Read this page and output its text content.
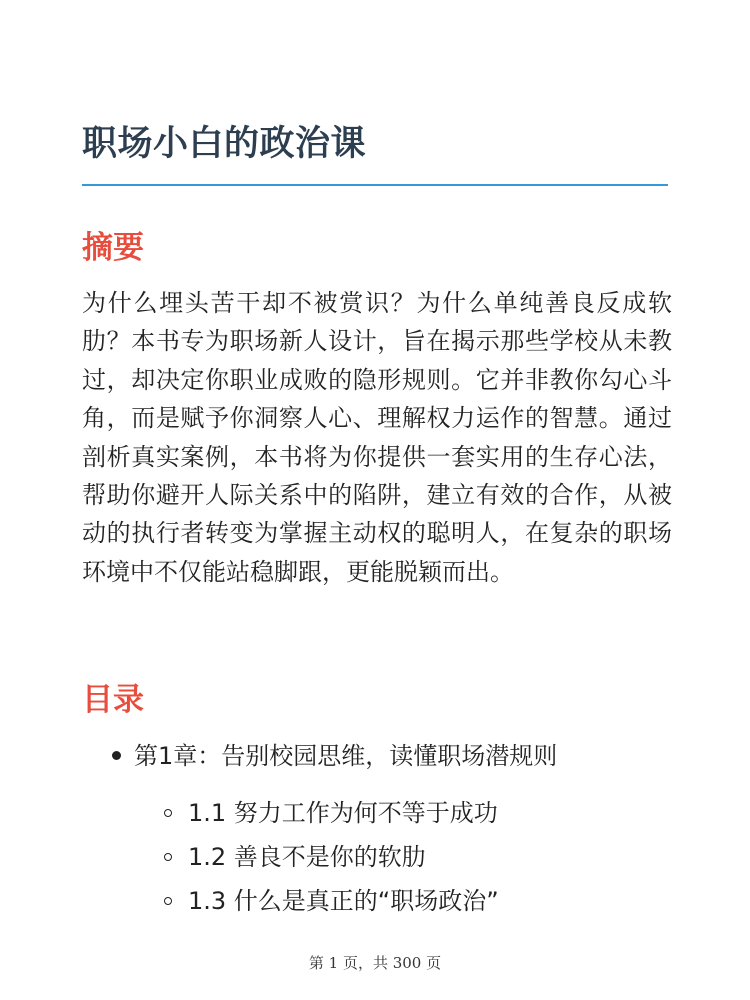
职场小白的政治课
摘要
为什么埋头苦干却不被赏识？为什么单纯善良反成软肋？本书专为职场新人设计，旨在揭示那些学校从未教过，却决定你职业成败的隐形规则。它并非教你勾心斗角，而是赋予你洞察人心、理解权力运作的智慧。通过剖析真实案例，本书将为你提供一套实用的生存心法，帮助你避开人际关系中的陷阱，建立有效的合作，从被动的执行者转变为掌握主动权的聪明人，在复杂的职场环境中不仅能站稳脚跟，更能脱颖而出。
目录
第1章：告别校园思维，读懂职场潜规则
1.1 努力工作为何不等于成功
1.2 善良不是你的软肋
1.3 什么是真正的“职场政治”
第 1 页，共 300 页
